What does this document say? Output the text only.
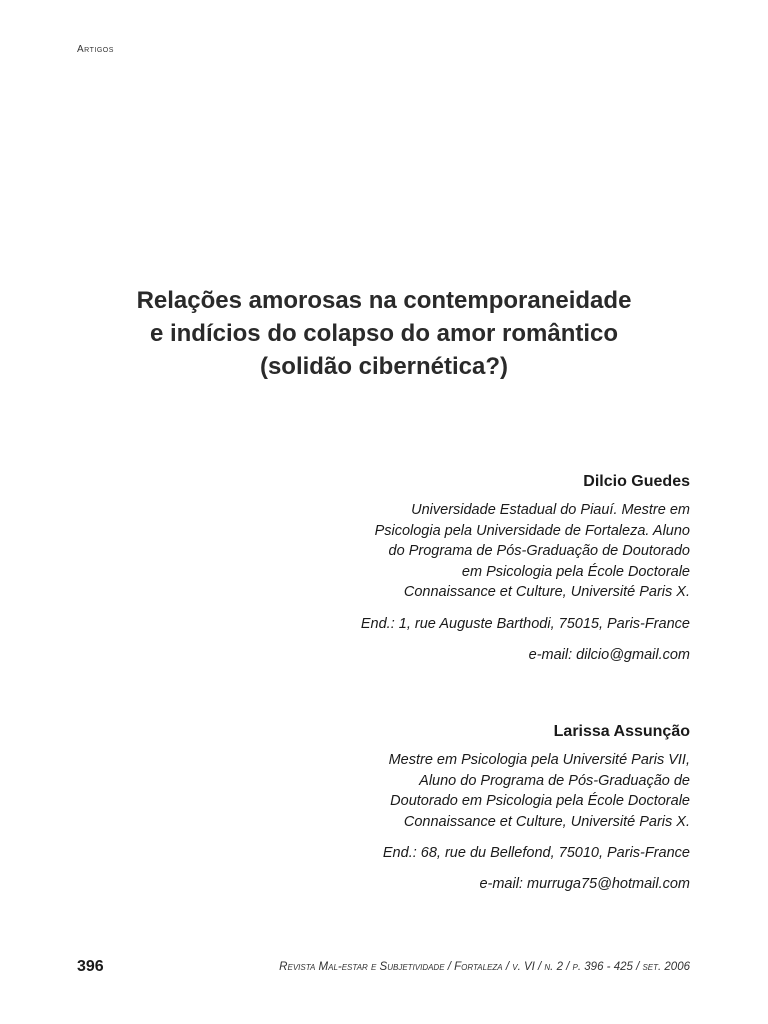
Artigos
Relações amorosas na contemporaneidade
e indícios do colapso do amor romântico
(solidão cibernética?)
Dilcio Guedes
Universidade Estadual do Piauí. Mestre em
Psicologia pela Universidade de Fortaleza. Aluno
do Programa de Pós-Graduação de Doutorado
em Psicologia pela École Doctorale
Connaissance et Culture, Université Paris X.
End.: 1, rue Auguste Barthodi, 75015, Paris-France
e-mail: dilcio@gmail.com
Larissa Assunção
Mestre em Psicologia pela Université Paris VII,
Aluno do Programa de Pós-Graduação de
Doutorado em Psicologia pela École Doctorale
Connaissance et Culture, Université Paris X.
End.: 68, rue du Bellefond, 75010, Paris-France
e-mail: murruga75@hotmail.com
396	Revista Mal-estar e Subjetividade / Fortaleza / v. VI / n. 2 / p. 396 - 425 / set. 2006
